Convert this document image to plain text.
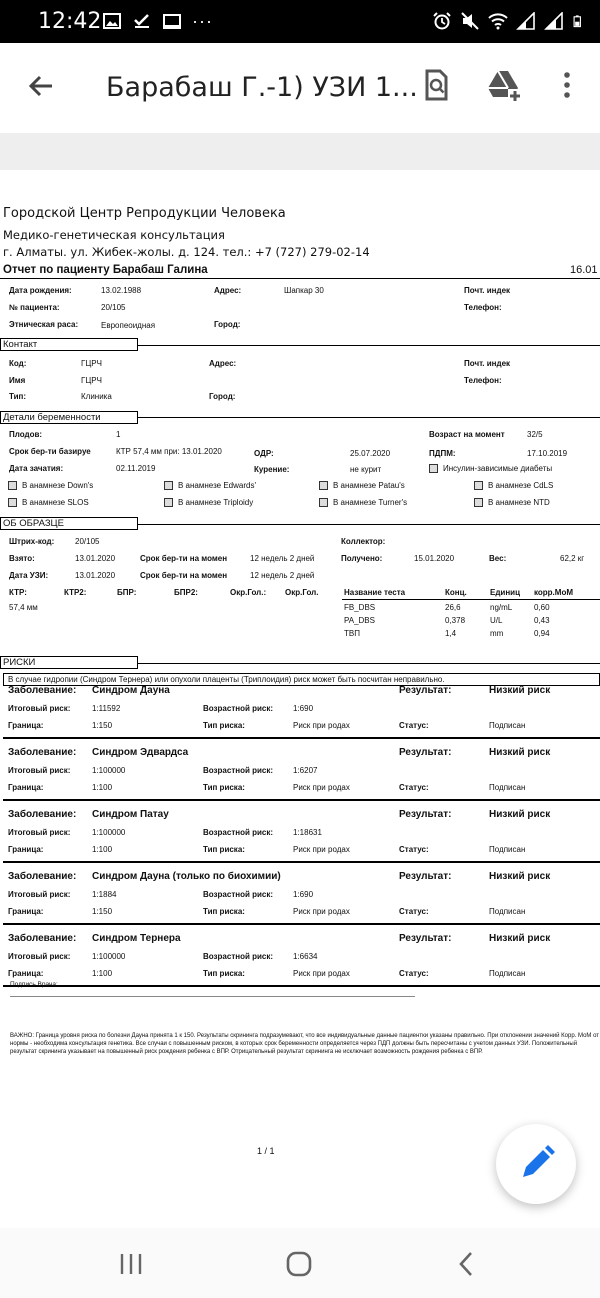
12:42	···
Барабаш Г.-1) УЗИ 1...
Городской Центр Репродукции Человека
Медико-генетическая консультация
г. Алматы. ул. Жибек-жолы. д. 124. тел.: +7 (727) 279-02-14
Отчет по пациенту Барабаш Галина	16.01
Дата рождения:	13.02.1988	Адрес:	Шапкар 30	Почт. индек
№ пациента:	20/105	Телефон:
Этническая раса:	Европеоидная	Город:
Контакт
Код:	ГЦРЧ	Адрес:	Почт. индек
Имя	ГЦРЧ	Телефон:
Тип:	Клиника	Город:
Детали беременности
Плодов:	1	Возраст на момент	32/5
Срок бер-ти базируе	КТР 57,4 мм при: 13.01.2020	ОДР:	25.07.2020	ПДПМ:	17.10.2019
Дата зачатия:	02.11.2019	Курение:	не курит	Инсулин-зависимые диабеты
В анамнезе Down's	В анамнезе Edwards'	В анамнезе Patau's	В анамнезе CdLS
В анамнезе SLOS	В анамнезе Triploidy	В анамнезе Turner's	В анамнезе NTD
ОБ ОБРАЗЦЕ
Штрих-код:	20/105	Коллектор:
Взято:	13.01.2020	Срок бер-ти на момен	12 недель 2 дней	Получено:	15.01.2020	Вес:	62,2 кг
Дата УЗИ:	13.01.2020	Срок бер-ти на момен	12 недель 2 дней
КТР:	КТР2:	БПР:	БПР2:	Окр.Гол.: Окр.Гол.
57,4 мм
Название теста	Конц.	Единиц корр.МоМ
FB_DBS	26,6	ng/mL	0,60
PA_DBS	0,378	U/L	0,43
ТВП	1,4	mm	0,94
РИСКИ
В случае гидропии (Синдром Тернера) или опухоли плаценты (Триплоидия) риск может быть посчитан неправильно.
Заболевание: Синдром Дауна	Результат:	Низкий риск
Итоговый риск:	1:11592	Возрастной риск: 1:690
Граница:	1:150	Тип риска:	Риск при родах	Статус:	Подписан
Заболевание: Синдром Эдвардса	Результат:	Низкий риск
Итоговый риск:	1:100000	Возрастной риск: 1:6207
Граница:	1:100	Тип риска:	Риск при родах	Статус:	Подписан
Заболевание: Синдром Патау	Результат:	Низкий риск
Итоговый риск:	1:100000	Возрастной риск: 1:18631
Граница:	1:100	Тип риска:	Риск при родах	Статус:	Подписан
Заболевание: Синдром Дауна (только по биохимии)	Результат:	Низкий риск
Итоговый риск:	1:1884	Возрастной риск: 1:690
Граница:	1:150	Тип риска:	Риск при родах	Статус:	Подписан
Заболевание: Синдром Тернера	Результат:	Низкий риск
Итоговый риск:	1:100000	Возрастной риск: 1:6634
Граница:	1:100	Тип риска:	Риск при родах	Статус:	Подписан
Подпись Врача:
ВАЖНО: Граница уровня риска по болезни Дауна принята 1 к 150. Результаты скрининга подразумевают, что все индивидуальные данные пациентки указаны правильно. При отклонении значений Корр. МоМ от нормы - необходима консультация генетика. Все случаи с повышенным риском, в которых срок беременности определяется через ПДП должны быть пересчитаны с учетом данных УЗИ. Положительный результат скрининга указывает на повышенный риск рождения ребенка с ВПР. Отрицательный результат скрининга не исключает возможность рождения ребенка с ВПР.
1 / 1
